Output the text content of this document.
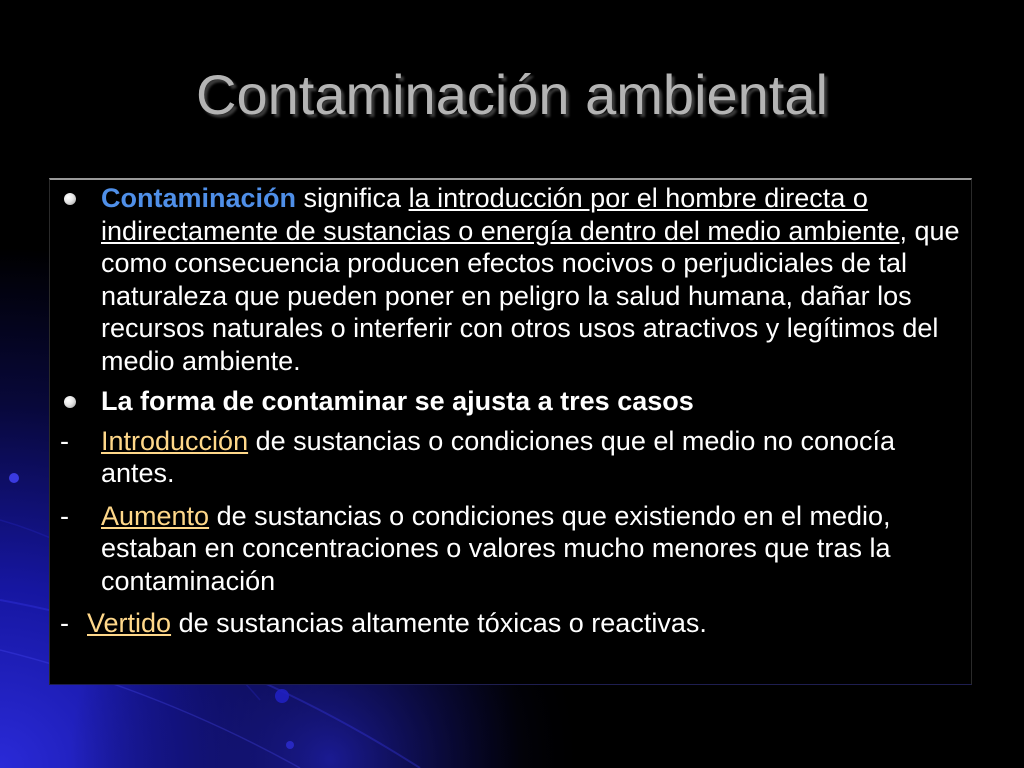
Contaminación ambiental
Contaminación significa la introducción por el hombre directa o indirectamente de sustancias o energía dentro del medio ambiente, que como consecuencia producen efectos nocivos o perjudiciales de tal naturaleza que pueden poner en peligro la salud humana, dañar los recursos naturales o interferir con otros usos atractivos y legítimos del medio ambiente.
La forma de contaminar se ajusta a tres casos
- Introducción de sustancias o condiciones que el medio no conocía antes.
- Aumento de sustancias o condiciones que existiendo en el medio, estaban en concentraciones o valores mucho menores que tras la contaminación
- Vertido de sustancias altamente tóxicas o reactivas.
